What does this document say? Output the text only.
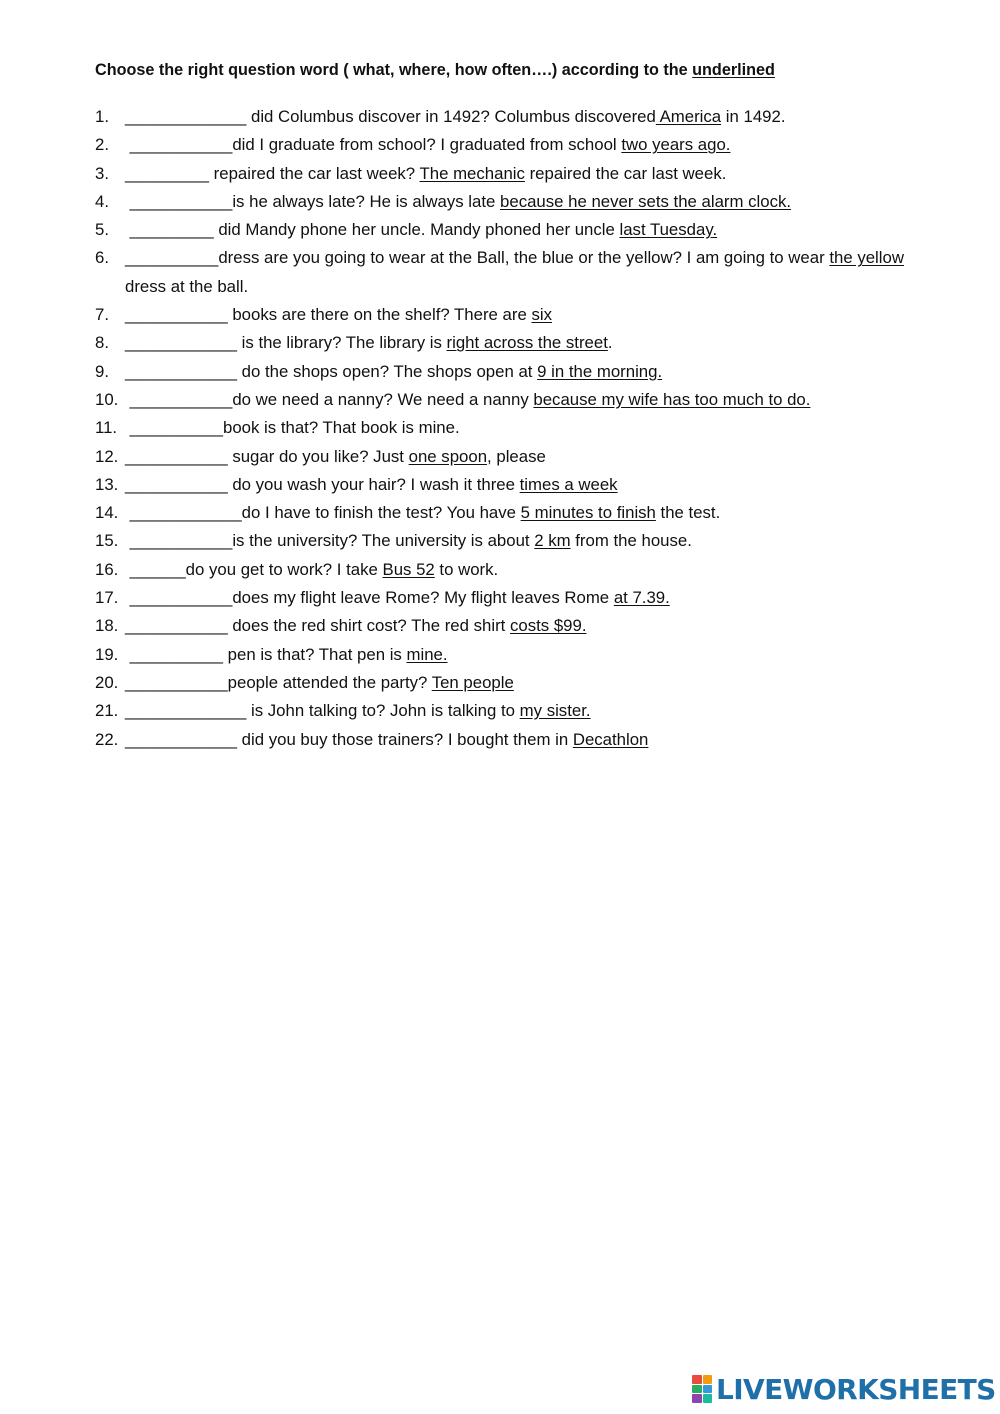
Choose the right question word ( what, where, how often….) according to the underlined
1. _____________ did Columbus discover in 1492? Columbus discovered America in 1492.
2. ___________did I graduate from school? I graduated from school two years ago.
3. _________ repaired the car last week? The mechanic repaired the car last week.
4. ___________is he always late? He is always late because he never sets the alarm clock.
5. _________ did Mandy phone her uncle. Mandy phoned her uncle last Tuesday.
6. __________dress are you going to wear at the Ball, the blue or the yellow? I am going to wear the yellow dress at the ball.
7. ___________ books are there on the shelf? There are six
8. ____________ is the library? The library is right across the street.
9. ____________ do the shops open? The shops open at 9 in the morning.
10. ___________do we need a nanny? We need a nanny because my wife has too much to do.
11. __________book is that? That book is mine.
12. ___________ sugar do you like? Just one spoon, please
13. ___________ do you wash your hair? I wash it three times a week
14. ____________do I have to finish the test? You have 5 minutes to finish the test.
15. ___________is the university? The university is about 2 km from the house.
16. ______do you get to work? I take Bus 52 to work.
17. ___________does my flight leave Rome? My flight leaves Rome at 7.39.
18. ___________ does the red shirt cost? The red shirt costs $99.
19. __________ pen is that? That pen is mine.
20. ___________people attended the party? Ten people
21. _____________ is John talking to? John is talking to my sister.
22. ____________ did you buy those trainers? I bought them in Decathlon
LIVEWORKSHEETS
